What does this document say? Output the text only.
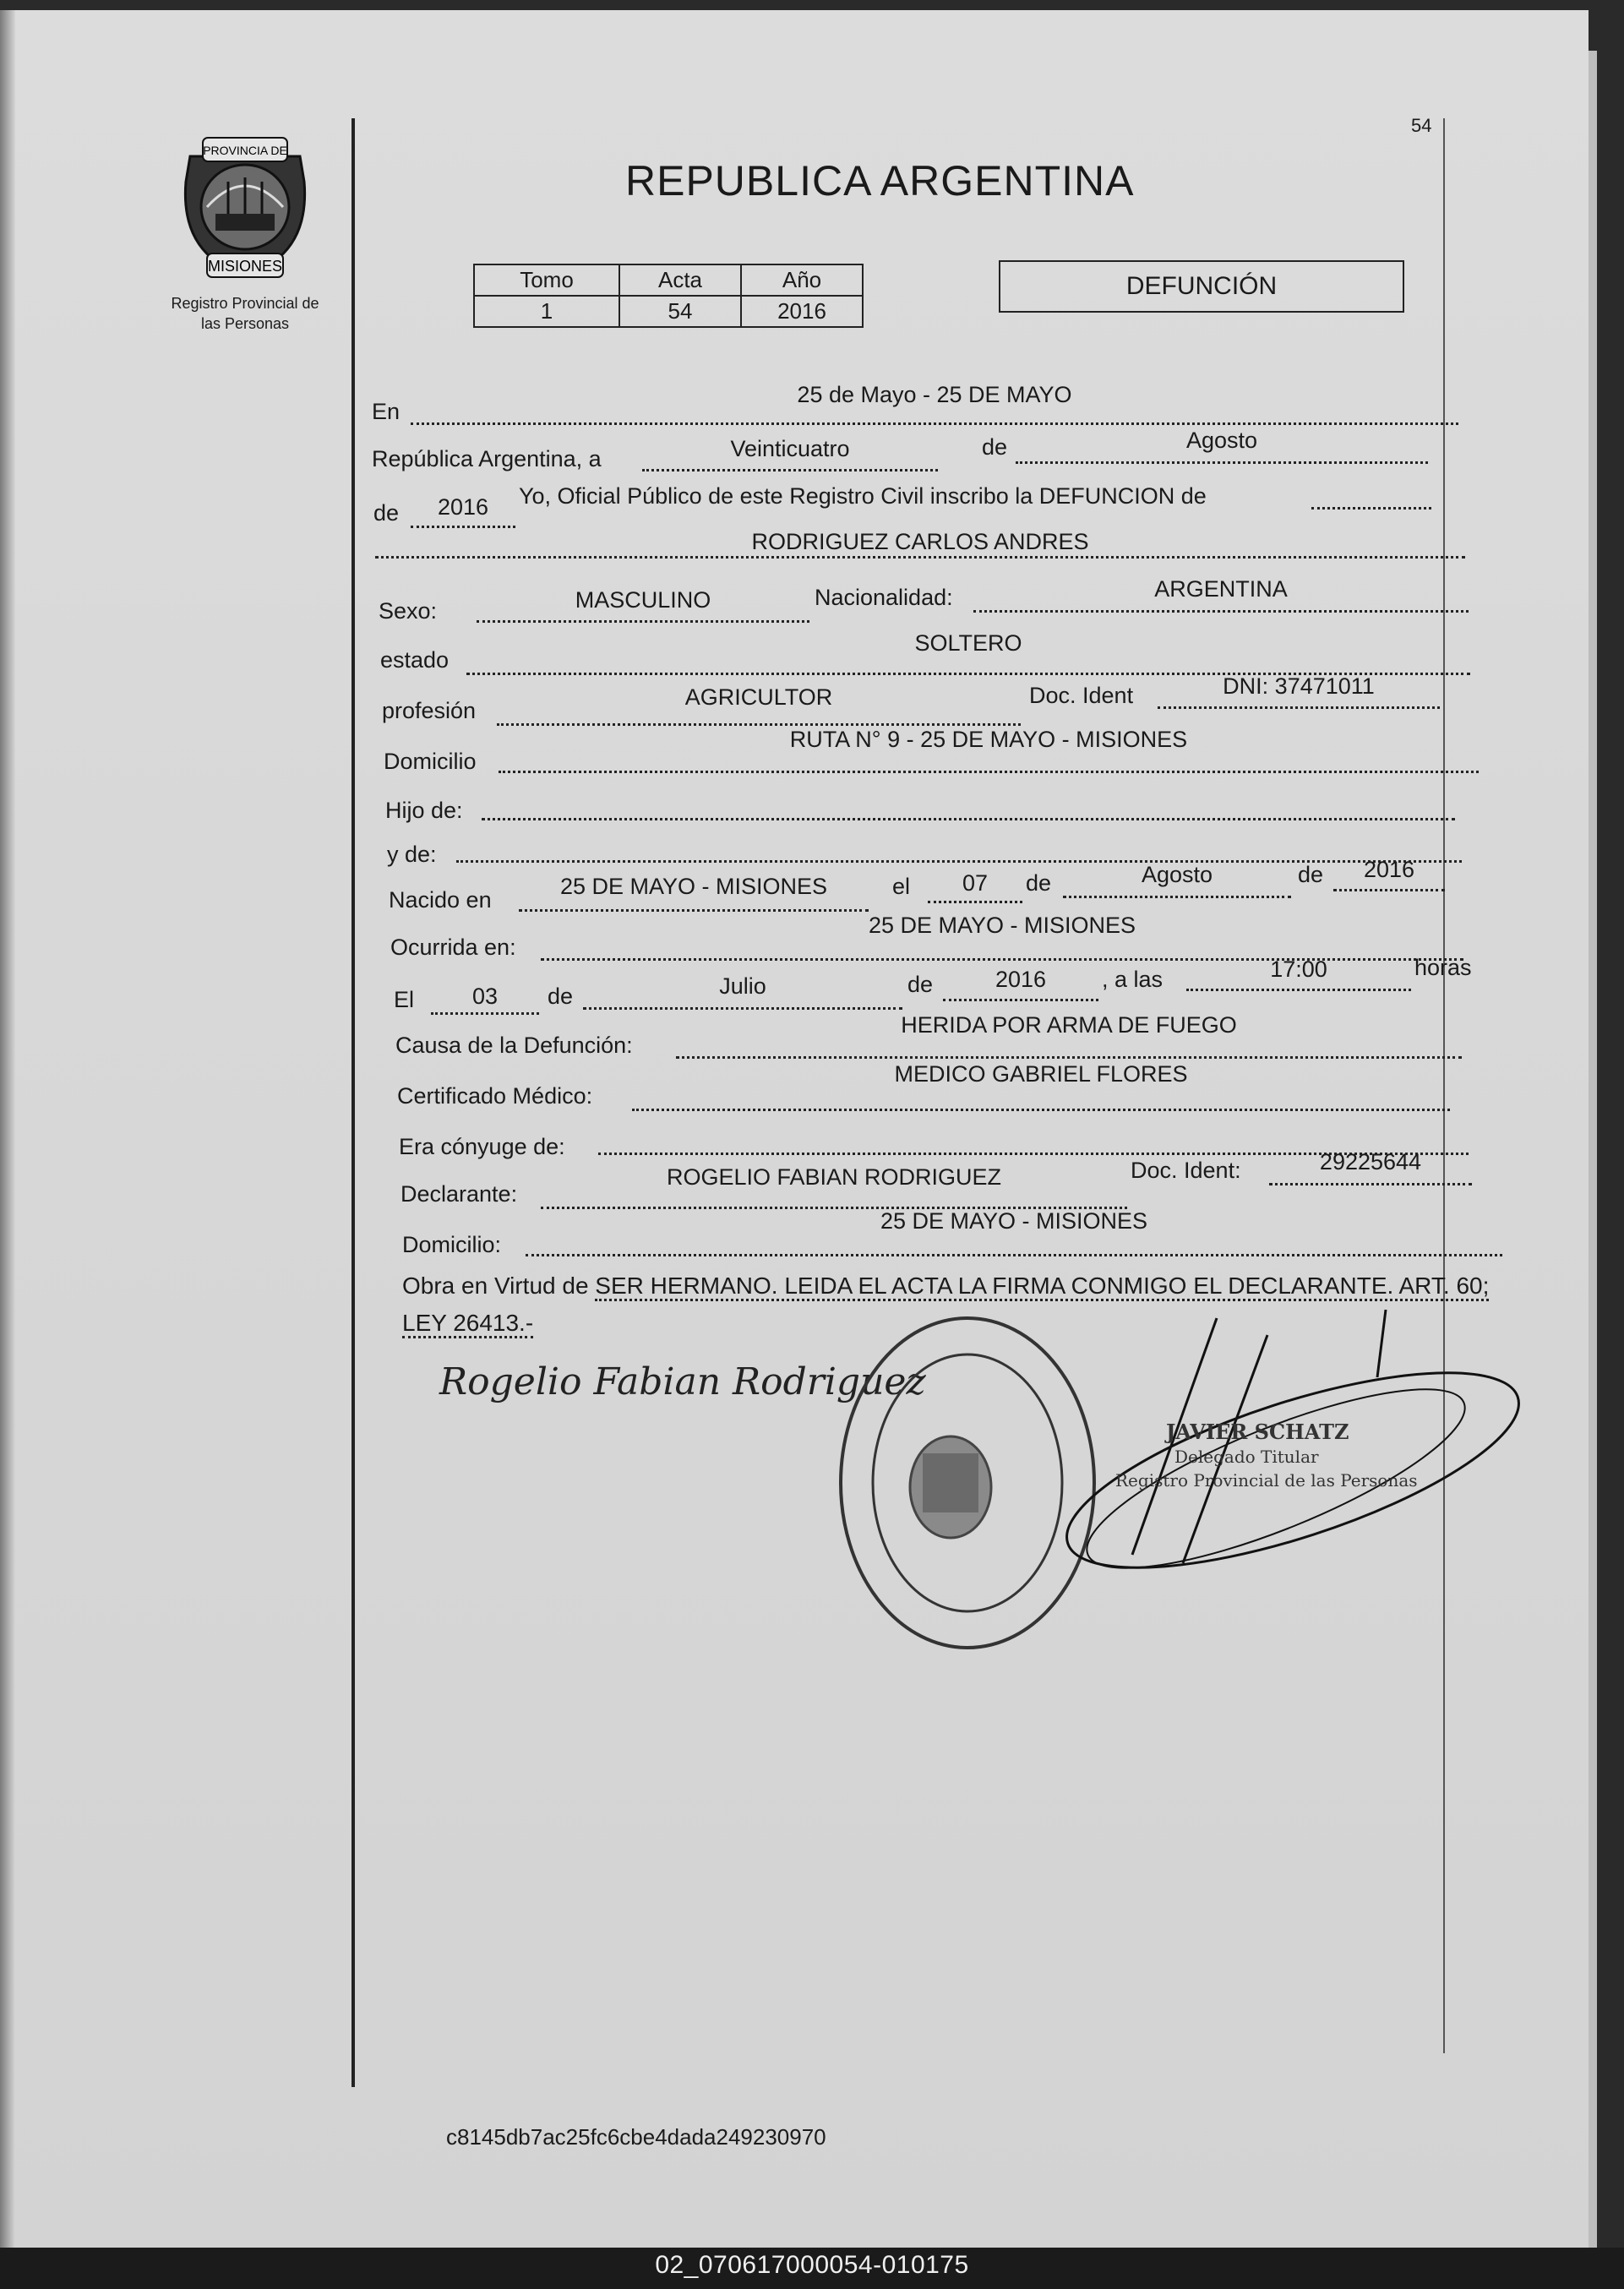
PROVINCIA DE
MISIONES
Registro Provincial de
las Personas
54
REPUBLICA ARGENTINA
Tomo	Acta	Año
1	54	2016
DEFUNCIÓN
En
25 de Mayo - 25 DE MAYO
República Argentina, a	Veinticuatro	de	Agosto
de	2016	Yo, Oficial Público de este Registro Civil inscribo la DEFUNCION de
RODRIGUEZ CARLOS ANDRES
Sexo:	MASCULINO	Nacionalidad:	ARGENTINA
estado
SOLTERO
profesión
AGRICULTOR	Doc. Ident	DNI: 37471011
Domicilio
RUTA N° 9 - 25 DE MAYO - MISIONES
Hijo de:
y de:
Nacido en
25 DE MAYO - MISIONES	el	07	de	Agosto	de	2016
Ocurrida en:
25 DE MAYO - MISIONES
El	03	de	Julio	de	2016	, a las	17:00	horas
Causa de la Defunción:
HERIDA POR ARMA DE FUEGO
Certificado Médico:
MEDICO GABRIEL FLORES
Era cónyuge de:
Declarante:
ROGELIO FABIAN RODRIGUEZ	Doc. Ident:	29225644
Domicilio:
25 DE MAYO - MISIONES
Obra en Virtud de SER HERMANO. LEIDA EL ACTA LA FIRMA CONMIGO EL DECLARANTE. ART. 60; LEY 26413.-
Rogelio Fabian Rodriguez
JAVIER SCHATZ
Delegado Titular
Registro Provincial de las Personas
c8145db7ac25fc6cbe4dada249230970
02_070617000054-010175
